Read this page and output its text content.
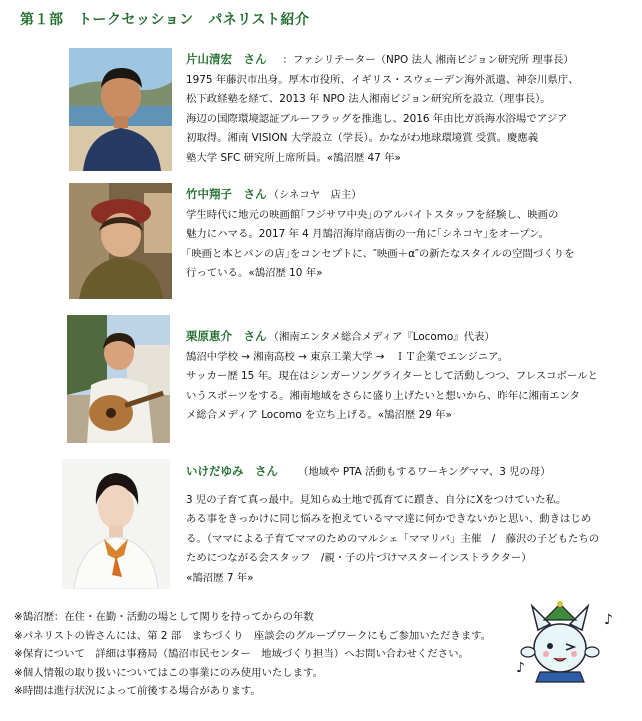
第１部　トークセッション　パネリスト紹介
片山清宏　さん ：ファシリテーター（NPO 法人 湘南ビジョン研究所 理事長）

1975 年藤沢市出身。厚木市役所、イギリス・スウェーデン海外派遣、神奈川県庁、

松下政経塾を経て、2013 年 NPO 法人湘南ビジョン研究所を設立（理事長）。

海辺の国際環境認証ブルーフラッグを推進し、2016 年由比ガ浜海水浴場でアジア

初取得。湘南 VISION 大学設立（学長）。かながわ地球環境賞 受賞。慶應義

塾大学 SFC 研究所上席所員。«鵠沼歴 47 年»

竹中翔子　さん （シネコヤ　店主）

学生時代に地元の映画館｢フジサワ中央｣のアルバイトスタッフを経験し、映画の

魅力にハマる。2017 年 4 月鵠沼海岸商店街の一角に｢シネコヤ｣をオープン。

｢映画と本とパンの店｣をコンセプトに、″映画＋α″の新たなスタイルの空間づくりを

行っている。«鵠沼歴 10 年»

栗原恵介　さん （湘南エンタメ総合メディア『Locomo』代表）

鵠沼中学校 → 湘南高校 → 東京工業大学 →　ＩＴ企業でエンジニア。

サッカー歴 15 年。現在はシンガーソングライターとして活動しつつ、フレスコボールと

いうスポーツをする。湘南地域をさらに盛り上げたいと想いから、昨年に湘南エンタ

メ総合メディア Locomo を立ち上げる。«鵠沼歴 29 年»

いけだゆみ　さん （地域や PTA 活動もするワーキングママ、3 児の母）

3 児の子育て真っ最中。見知らぬ土地で孤育てに躓き、自分にXをつけていた私。

ある事をきっかけに同じ悩みを抱えているママ達に何かできないかと思い、動きはじめ

る。（ママによる子育てママのためのマルシェ「ママリバ」主催　/　藤沢の子どもたちの

ためにつながる会スタッフ　/親・子の片づけマスターインストラクター）

«鵠沼歴 7 年»

※鵠沼歴：在住・在勤・活動の場として関りを持ってからの年数
※パネリストの皆さんには、第 2 部　まちづくり　座談会のグループワークにもご参加いただきます。
※保育について　詳細は事務局（鵠沼市民センター　地域づくり担当）へお問い合わせください。
※個人情報の取り扱いについてはこの事業にのみ使用いたします。
※時間は進行状況によって前後する場合があります。
♪
♪
